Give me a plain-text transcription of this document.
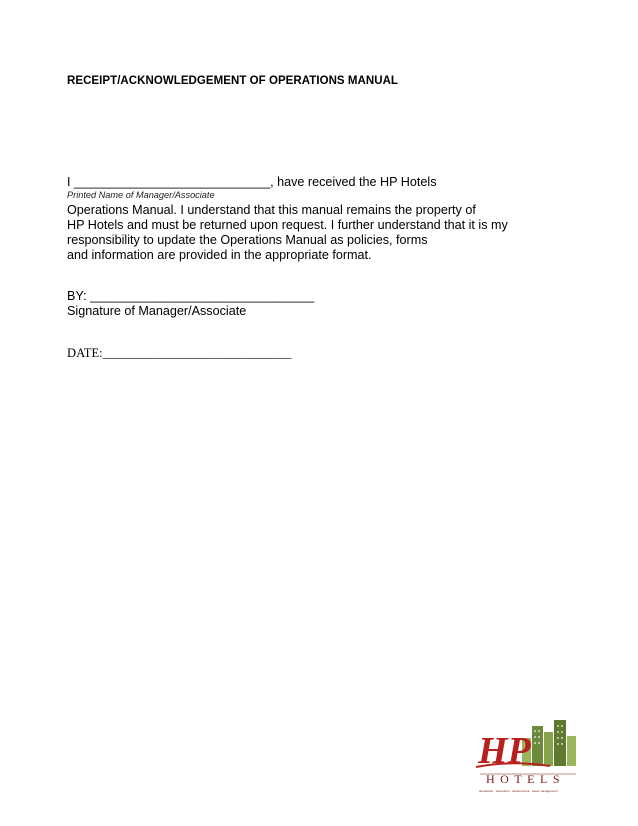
RECEIPT/ACKNOWLEDGEMENT OF OPERATIONS MANUAL
I ____________________________, have received the HP Hotels
Printed Name of Manager/Associate
Operations Manual. I understand that this manual remains the property of
HP Hotels and must be returned upon request. I further understand that it is my
responsibility to update the Operations Manual as policies, forms
and information are provided in the appropriate format.
BY: ________________________________
Signature of Manager/Associate
DATE:______________________________
HP
HOTELS
acquisition · ownership · development · asset management
